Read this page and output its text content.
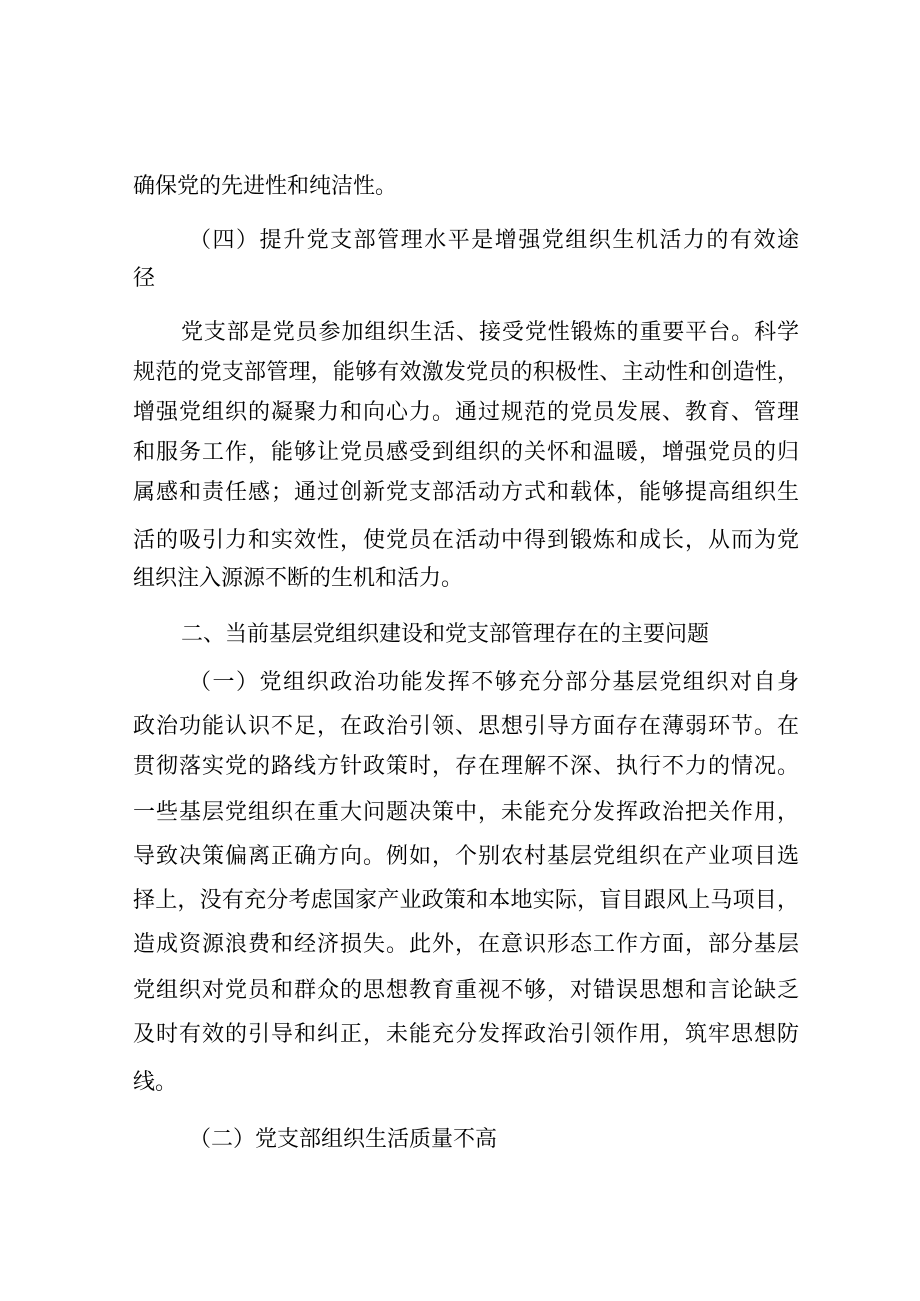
确保党的先进性和纯洁性。
（四）提升党支部管理水平是增强党组织生机活力的有效途
径
党支部是党员参加组织生活、接受党性锻炼的重要平台。科学
规范的党支部管理，能够有效激发党员的积极性、主动性和创造性，
增强党组织的凝聚力和向心力。通过规范的党员发展、教育、管理
和服务工作，能够让党员感受到组织的关怀和温暖，增强党员的归
属感和责任感；通过创新党支部活动方式和载体，能够提高组织生
活的吸引力和实效性，使党员在活动中得到锻炼和成长，从而为党
组织注入源源不断的生机和活力。
二、当前基层党组织建设和党支部管理存在的主要问题
（一）党组织政治功能发挥不够充分部分基层党组织对自身
政治功能认识不足，在政治引领、思想引导方面存在薄弱环节。在
贯彻落实党的路线方针政策时，存在理解不深、执行不力的情况。
一些基层党组织在重大问题决策中，未能充分发挥政治把关作用，
导致决策偏离正确方向。例如，个别农村基层党组织在产业项目选
择上，没有充分考虑国家产业政策和本地实际，盲目跟风上马项目，
造成资源浪费和经济损失。此外，在意识形态工作方面，部分基层
党组织对党员和群众的思想教育重视不够，对错误思想和言论缺乏
及时有效的引导和纠正，未能充分发挥政治引领作用，筑牢思想防
线。
（二）党支部组织生活质量不高
